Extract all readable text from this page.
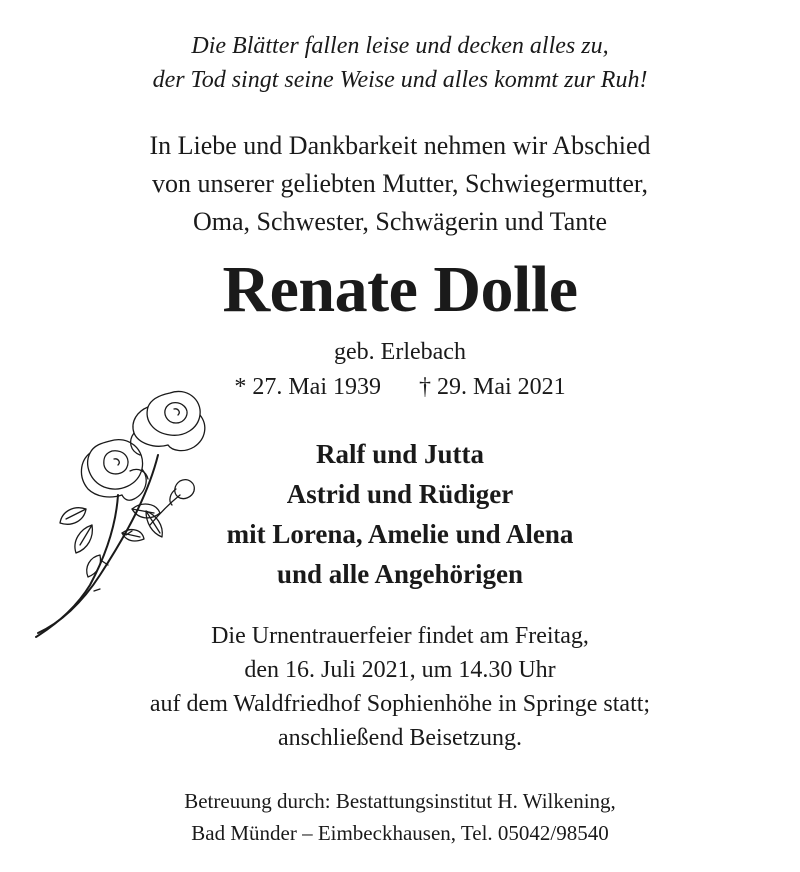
Die Blätter fallen leise und decken alles zu,
der Tod singt seine Weise und alles kommt zur Ruh!
In Liebe und Dankbarkeit nehmen wir Abschied
von unserer geliebten Mutter, Schwiegermutter,
Oma, Schwester, Schwägerin und Tante
Renate Dolle
geb. Erlebach
* 27. Mai 1939 † 29. Mai 2021
Ralf und Jutta
Astrid und Rüdiger
mit Lorena, Amelie und Alena
und alle Angehörigen
Die Urnentrauerfeier findet am Freitag,
den 16. Juli 2021, um 14.30 Uhr
auf dem Waldfriedhof Sophienhöhe in Springe statt;
anschließend Beisetzung.
Betreuung durch: Bestattungsinstitut H. Wilkening,
Bad Münder – Eimbeckhausen, Tel. 05042/98540
